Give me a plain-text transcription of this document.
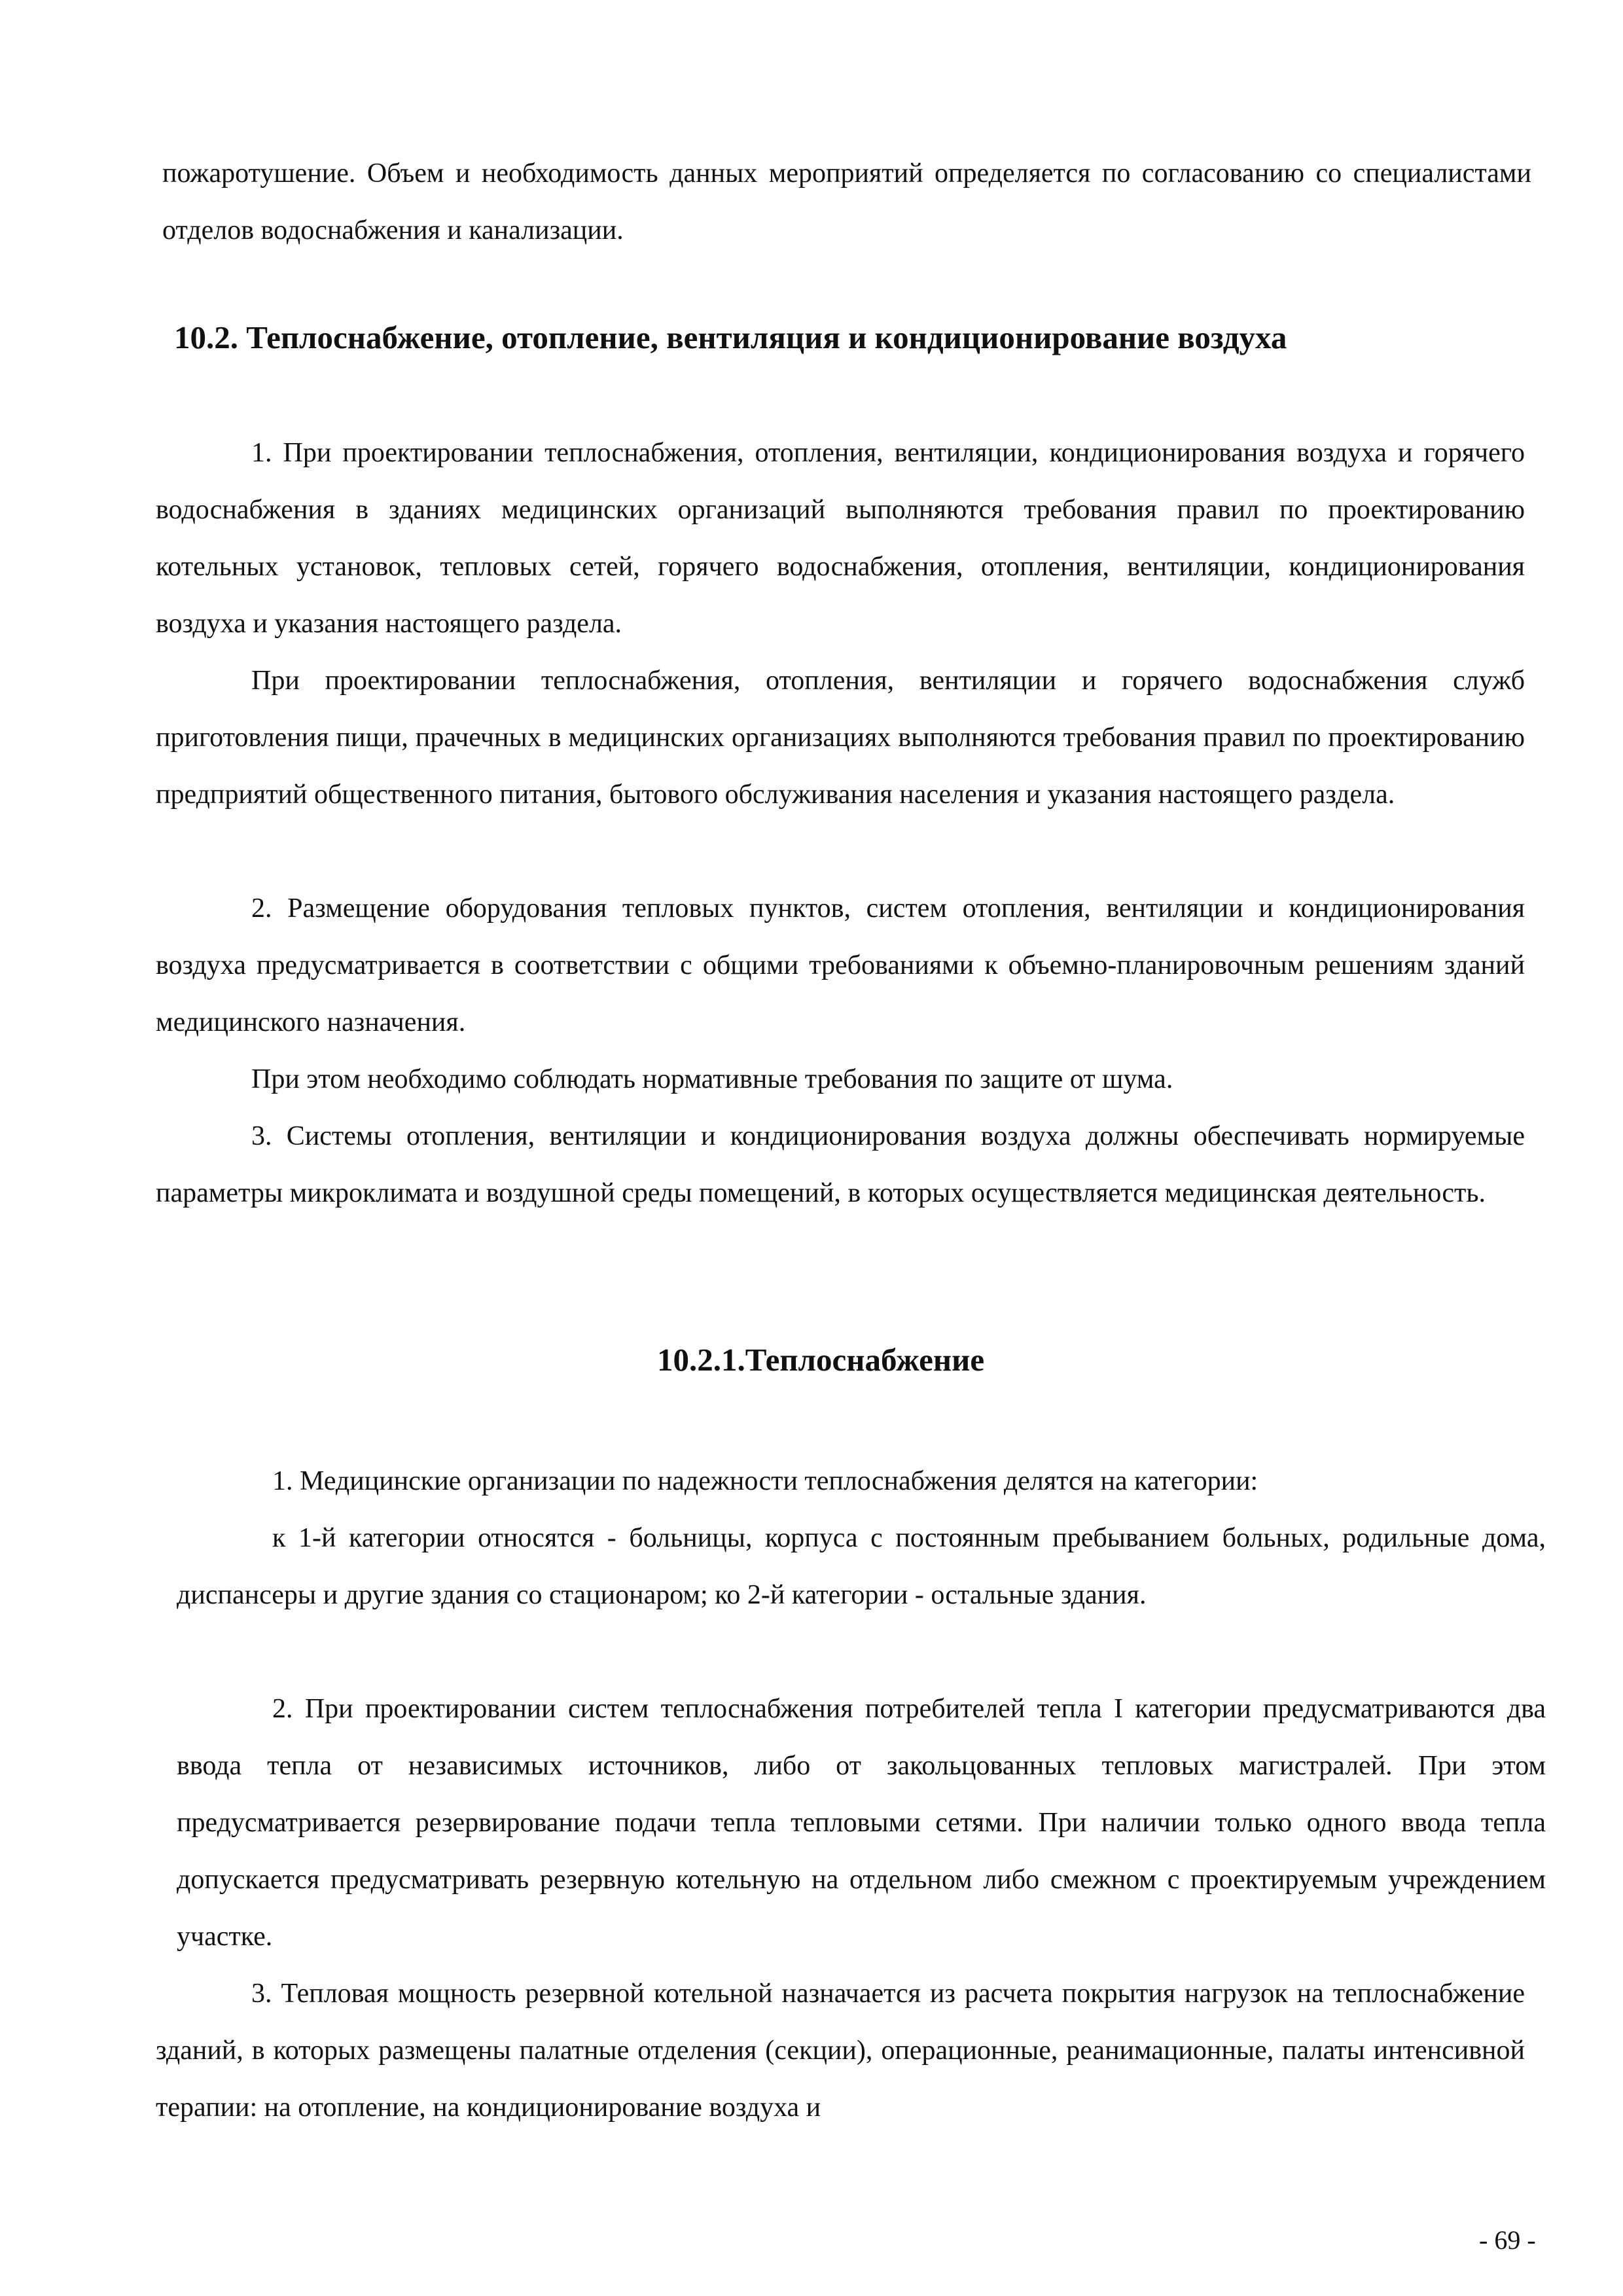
пожаротушение. Объем и необходимость данных мероприятий определяется по согласованию со специалистами отделов водоснабжения и канализации.

10.2. Теплоснабжение, отопление, вентиляция и кондиционирование воздуха

1. При проектировании теплоснабжения, отопления, вентиляции, кондиционирования воздуха и горячего водоснабжения в зданиях медицинских организаций выполняются требования правил по проектированию котельных установок, тепловых сетей, горячего водоснабжения, отопления, вентиляции, кондиционирования воздуха и указания настоящего раздела.

При проектировании теплоснабжения, отопления, вентиляции и горячего водоснабжения служб приготовления пищи, прачечных в медицинских организациях выполняются требования правил по проектированию предприятий общественного питания, бытового обслуживания населения и указания настоящего раздела.

2. Размещение оборудования тепловых пунктов, систем отопления, вентиляции и кондиционирования воздуха предусматривается в соответствии с общими требованиями к объемно-планировочным решениям зданий медицинского назначения.

При этом необходимо соблюдать нормативные требования по защите от шума.

3. Системы отопления, вентиляции и кондиционирования воздуха должны обеспечивать нормируемые параметры микроклимата и воздушной среды помещений, в которых осуществляется медицинская деятельность.

10.2.1.Теплоснабжение

1. Медицинские организации по надежности теплоснабжения делятся на категории:

к 1-й категории относятся - больницы, корпуса с постоянным пребыванием больных, родильные дома, диспансеры и другие здания со стационаром; ко 2-й категории - остальные здания.

2. При проектировании систем теплоснабжения потребителей тепла I категории предусматриваются два ввода тепла от независимых источников, либо от закольцованных тепловых магистралей. При этом предусматривается резервирование подачи тепла тепловыми сетями. При наличии только одного ввода тепла допускается предусматривать резервную котельную на отдельном либо смежном с проектируемым учреждением участке.

3. Тепловая мощность резервной котельной назначается из расчета покрытия нагрузок на теплоснабжение зданий, в которых размещены палатные отделения (секции), операционные, реанимационные, палаты интенсивной терапии: на отопление, на кондиционирование воздуха и

- 69 -
